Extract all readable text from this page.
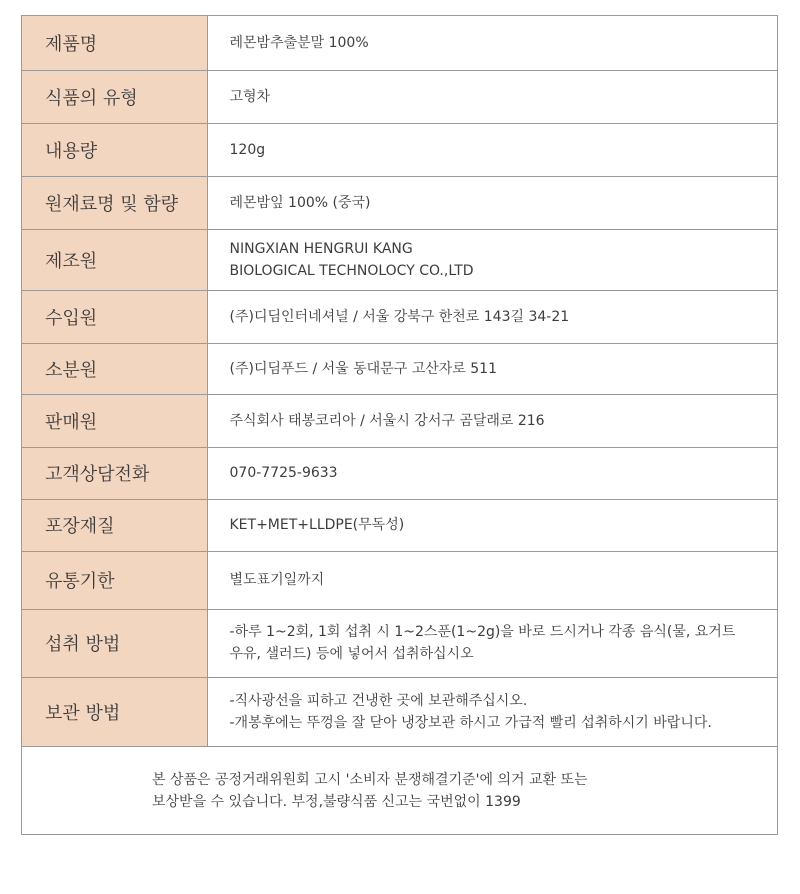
제품명	레몬밤추출분말 100%

식품의 유형	고형차

내용량	120g

원재료명 및 함량	레몬밤잎 100% (중국)

제조원	NINGXIAN HENGRUI KANG
BIOLOGICAL TECHNOLOCY CO.,LTD

수입원	(주)디딤인터네셔널 / 서울 강북구 한천로 143길 34-21

소분원	(주)디딤푸드 / 서울 동대문구 고산자로 511

판매원	주식회사 태봉코리아 / 서울시 강서구 곰달래로 216

고객상담전화	070-7725-9633

포장재질	KET+MET+LLDPE(무독성)

유통기한	별도표기일까지

섭취 방법	-하루 1~2회, 1회 섭취 시 1~2스푼(1~2g)을 바로 드시거나 각종 음식(물, 요거트
우유, 샐러드) 등에 넣어서 섭취하십시오

보관 방법	-직사광선을 피하고 건냉한 곳에 보관해주십시오.
-개봉후에는 뚜껑을 잘 닫아 냉장보관 하시고 가급적 빨리 섭취하시기 바랍니다.

본 상품은 공정거래위원회 고시 '소비자 분쟁해결기준'에 의거 교환 또는
보상받을 수 있습니다. 부정,불량식품 신고는 국번없이 1399
